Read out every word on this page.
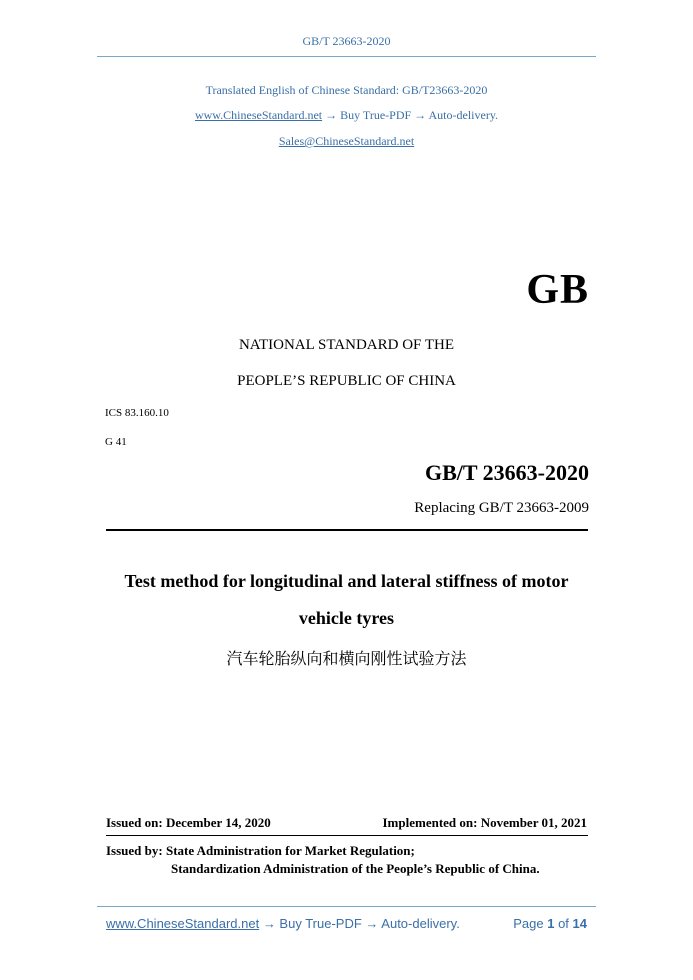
GB/T 23663-2020
Translated English of Chinese Standard: GB/T23663-2020
www.ChineseStandard.net → Buy True-PDF → Auto-delivery.
Sales@ChineseStandard.net
GB
NATIONAL STANDARD OF THE
PEOPLE’S REPUBLIC OF CHINA
ICS 83.160.10
G 41
GB/T 23663-2020
Replacing GB/T 23663-2009
Test method for longitudinal and lateral stiffness of motor
vehicle tyres
汽车轮胎纵向和横向刚性试验方法
Issued on: December 14, 2020	Implemented on: November 01, 2021
Issued by: State Administration for Market Regulation;
Standardization Administration of the People’s Republic of China.
www.ChineseStandard.net → Buy True-PDF → Auto-delivery.	Page 1 of 14
